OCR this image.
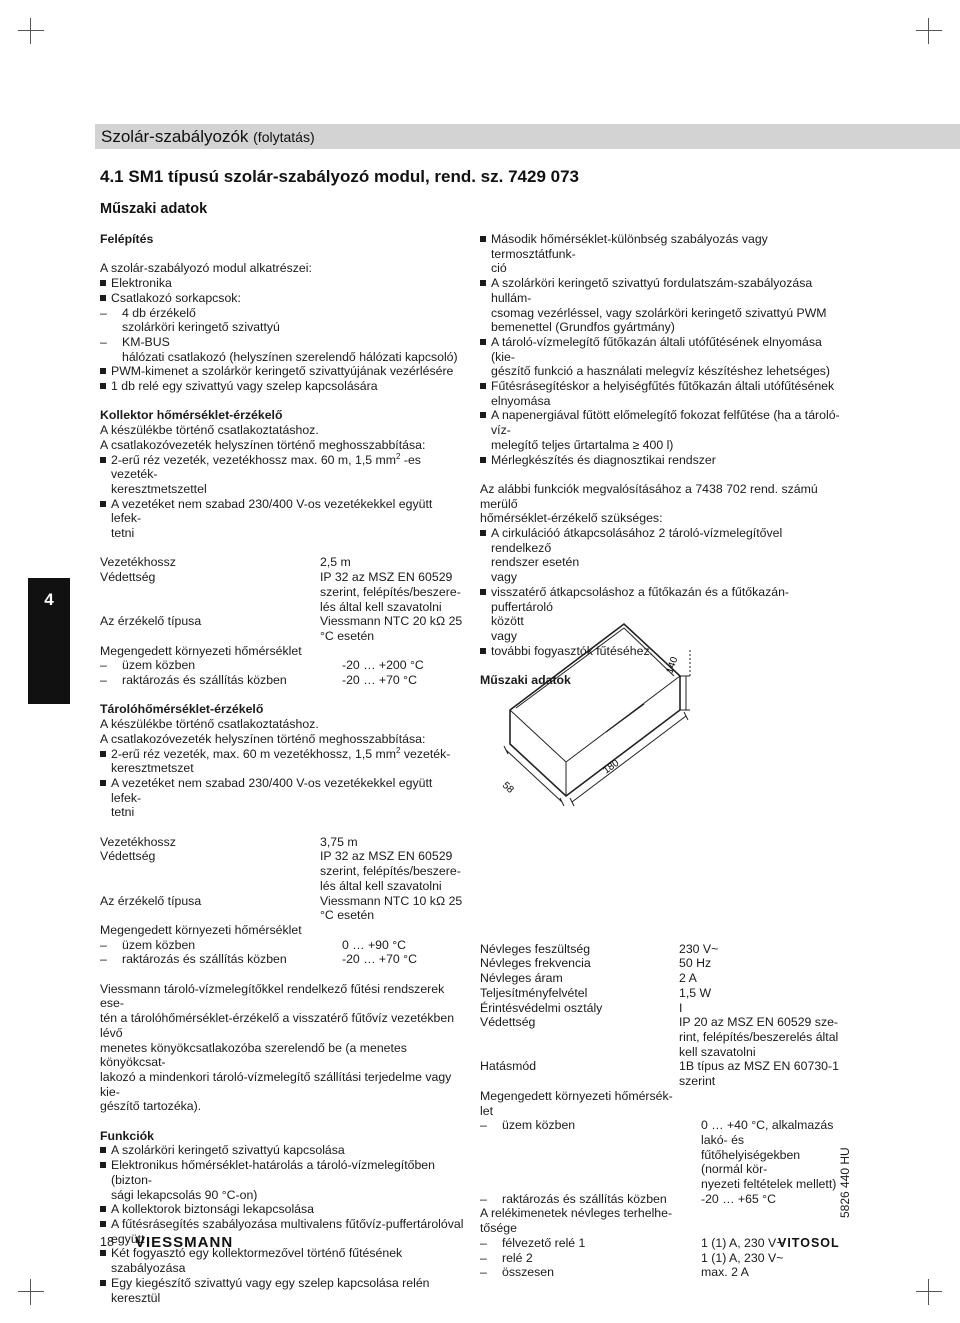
Szolár-szabályozók (folytatás)
4.1 SM1 típusú szolár-szabályozó modul, rend. sz. 7429 073
Műszaki adatok
4

Felépítés

A szolár-szabályozó modul alkatrészei:

Elektronika

Csatlakozó sorkapcsok:

– 4 db érzékelő

szolárköri keringető szivattyú

– KM-BUS

hálózati csatlakozó (helyszínen szerelendő hálózati kapcsoló)

PWM-kimenet a szolárkör keringető szivattyújának vezérlésére

1 db relé egy szivattyú vagy szelep kapcsolására

Kollektor hőmérséklet-érzékelő

A készülékbe történő csatlakoztatáshoz.

A csatlakozóvezeték helyszínen történő meghosszabbítása:

2-erű réz vezeték, vezetékhossz max. 60 m, 1,5 $mm^2$ -es vezeték-

keresztmetszettel

A vezetéket nem szabad 230/400 V-os vezetékekkel együtt lefek-

tetni

Vezetékhossz	2,5 m
Védettség	IP 32 az MSZ EN 60529
szerint, felépítés/beszere-
lés által kell szavatolni
Az érzékelő típusa	Viessmann NTC 20 kΩ 25
°C esetén

Megengedett környezeti hőmérséklet

– üzem közben	-20 … +200 °C
– raktározás és szállítás közben	-20 … +70 °C

Tárolóhőmérséklet-érzékelő

A készülékbe történő csatlakoztatáshoz.

A csatlakozóvezeték helyszínen történő meghosszabbítása:

2-erű réz vezeték, max. 60 m vezetékhossz, 1,5 $mm^2$ vezeték-

keresztmetszet

A vezetéket nem szabad 230/400 V-os vezetékekkel együtt lefek-

tetni

Vezetékhossz	3,75 m
Védettség	IP 32 az MSZ EN 60529
szerint, felépítés/beszere-
lés által kell szavatolni
Az érzékelő típusa	Viessmann NTC 10 kΩ 25
°C esetén

Megengedett környezeti hőmérséklet

– üzem közben	0 … +90 °C
– raktározás és szállítás közben	-20 … +70 °C

Viessmann tároló-vízmelegítőkkel rendelkező fűtési rendszerek ese-

tén a tárolóhőmérséklet-érzékelő a visszatérő fűtővíz vezetékben lévő

menetes könyökcsatlakozóba szerelendő be (a menetes könyökcsat-

lakozó a mindenkori tároló-vízmelegítő szállítási terjedelme vagy kie-

gészítő tartozéka).

Funkciók

A szolárköri keringető szivattyú kapcsolása

Elektronikus hőmérséklet-határolás a tároló-vízmelegítőben (bizton-

sági lekapcsolás 90 °C-on)

A kollektorok biztonsági lekapcsolása

A fűtésrásegítés szabályozása multivalens fűtővíz-puffertárolóval

együtt

Két fogyasztó egy kollektormezővel történő fűtésének szabályozása

Egy kiegészítő szivattyú vagy egy szelep kapcsolása relén keresztül

Második hőmérséklet-különbség szabályozás vagy termosztátfunk-

ció

A szolárköri keringető szivattyú fordulatszám-szabályozása hullám-

csomag vezérléssel, vagy szolárköri keringető szivattyú PWM

bemenettel (Grundfos gyártmány)

A tároló-vízmelegítő fűtőkazán általi utófűtésének elnyomása (kie-

gészítő funkció a használati melegvíz készítéshez lehetséges)

Fűtésrásegítéskor a helyiségfűtés fűtőkazán általi utófűtésének

elnyomása

A napenergiával fűtött előmelegítő fokozat felfűtése (ha a tároló-víz-

melegítő teljes űrtartalma ≥ 400 l)

Mérlegkészítés és diagnosztikai rendszer

Az alábbi funkciók megvalósításához a 7438 702 rend. számú merülő

hőmérséklet-érzékelő szükséges:

A cirkulációó átkapcsolásához 2 tároló-vízmelegítővel rendelkező

rendszer esetén

vagy

visszatérő átkapcsoláshoz a fűtőkazán és a fűtőkazán-puffertároló

között

vagy

további fogyasztók fűtéséhez.

Műszaki adatok

Névleges feszültség	230 V~
Névleges frekvencia	50 Hz
Névleges áram	2 A
Teljesítményfelvétel	1,5 W
Érintésvédelmi osztály	I
Védettség	IP 20 az MSZ EN 60529 sze-
rint, felépítés/beszerelés által
kell szavatolni
Hatásmód	1B típus az MSZ EN 60730-1
szerint

Megengedett környezeti hőmérsék-

let

– üzem közben	0 … +40 °C, alkalmazás lakó- és
fűtőhelyiségekben (normál kör-
nyezeti feltételek mellett)
– raktározás és szállítás közben	-20 … +65 °C

A relékimenetek névleges terhelhe-

tősége

– félvezető relé 1	1 (1) A, 230 V~
– relé 2	1 (1) A, 230 V~
– összesen	max. 2 A
140
180
58
18 VIESSMANN	VITOSOL
5826 440 HU
